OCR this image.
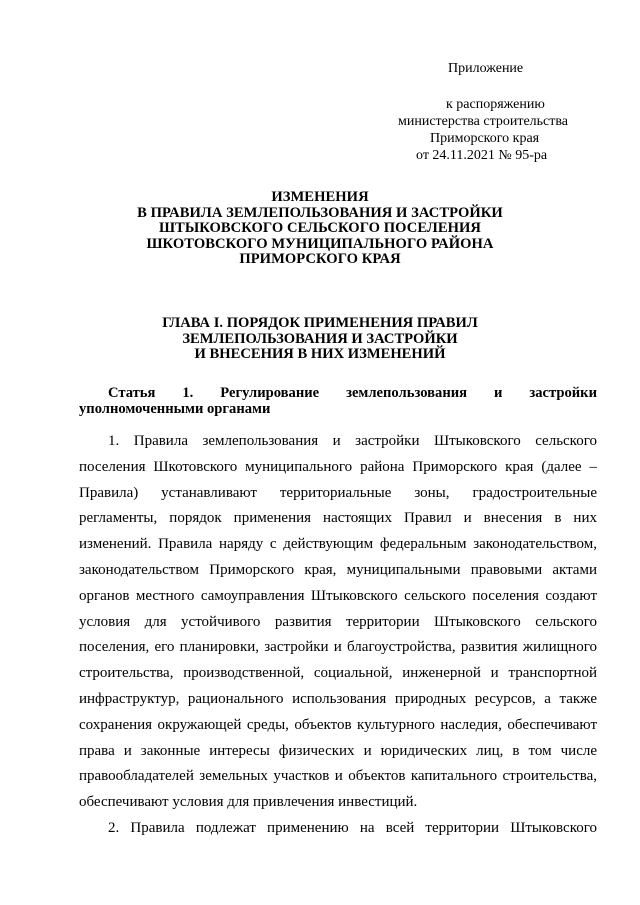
Приложение
к распоряжению
министерства строительства
Приморского края
от 24.11.2021 № 95-ра
ИЗМЕНЕНИЯ
В ПРАВИЛА ЗЕМЛЕПОЛЬЗОВАНИЯ И ЗАСТРОЙКИ
ШТЫКОВСКОГО СЕЛЬСКОГО ПОСЕЛЕНИЯ
ШКОТОВСКОГО МУНИЦИПАЛЬНОГО РАЙОНА
ПРИМОРСКОГО КРАЯ
ГЛАВА I. ПОРЯДОК ПРИМЕНЕНИЯ ПРАВИЛ
ЗЕМЛЕПОЛЬЗОВАНИЯ И ЗАСТРОЙКИ
И ВНЕСЕНИЯ В НИХ ИЗМЕНЕНИЙ
Статья 1. Регулирование землепользования и застройки
уполномоченными органами
1. Правила землепользования и застройки Штыковского сельского
поселения Шкотовского муниципального района Приморского края (далее –
Правила) устанавливают территориальные зоны, градостроительные
регламенты, порядок применения настоящих Правил и внесения в них
изменений. Правила наряду с действующим федеральным законодательством,
законодательством Приморского края, муниципальными правовыми актами
органов местного самоуправления Штыковского сельского поселения создают
условия для устойчивого развития территории Штыковского сельского
поселения, его планировки, застройки и благоустройства, развития жилищного
строительства, производственной, социальной, инженерной и транспортной
инфраструктур, рационального использования природных ресурсов, а также
сохранения окружающей среды, объектов культурного наследия, обеспечивают
права и законные интересы физических и юридических лиц, в том числе
правообладателей земельных участков и объектов капитального строительства,
обеспечивают условия для привлечения инвестиций.
2. Правила подлежат применению на всей территории Штыковского
